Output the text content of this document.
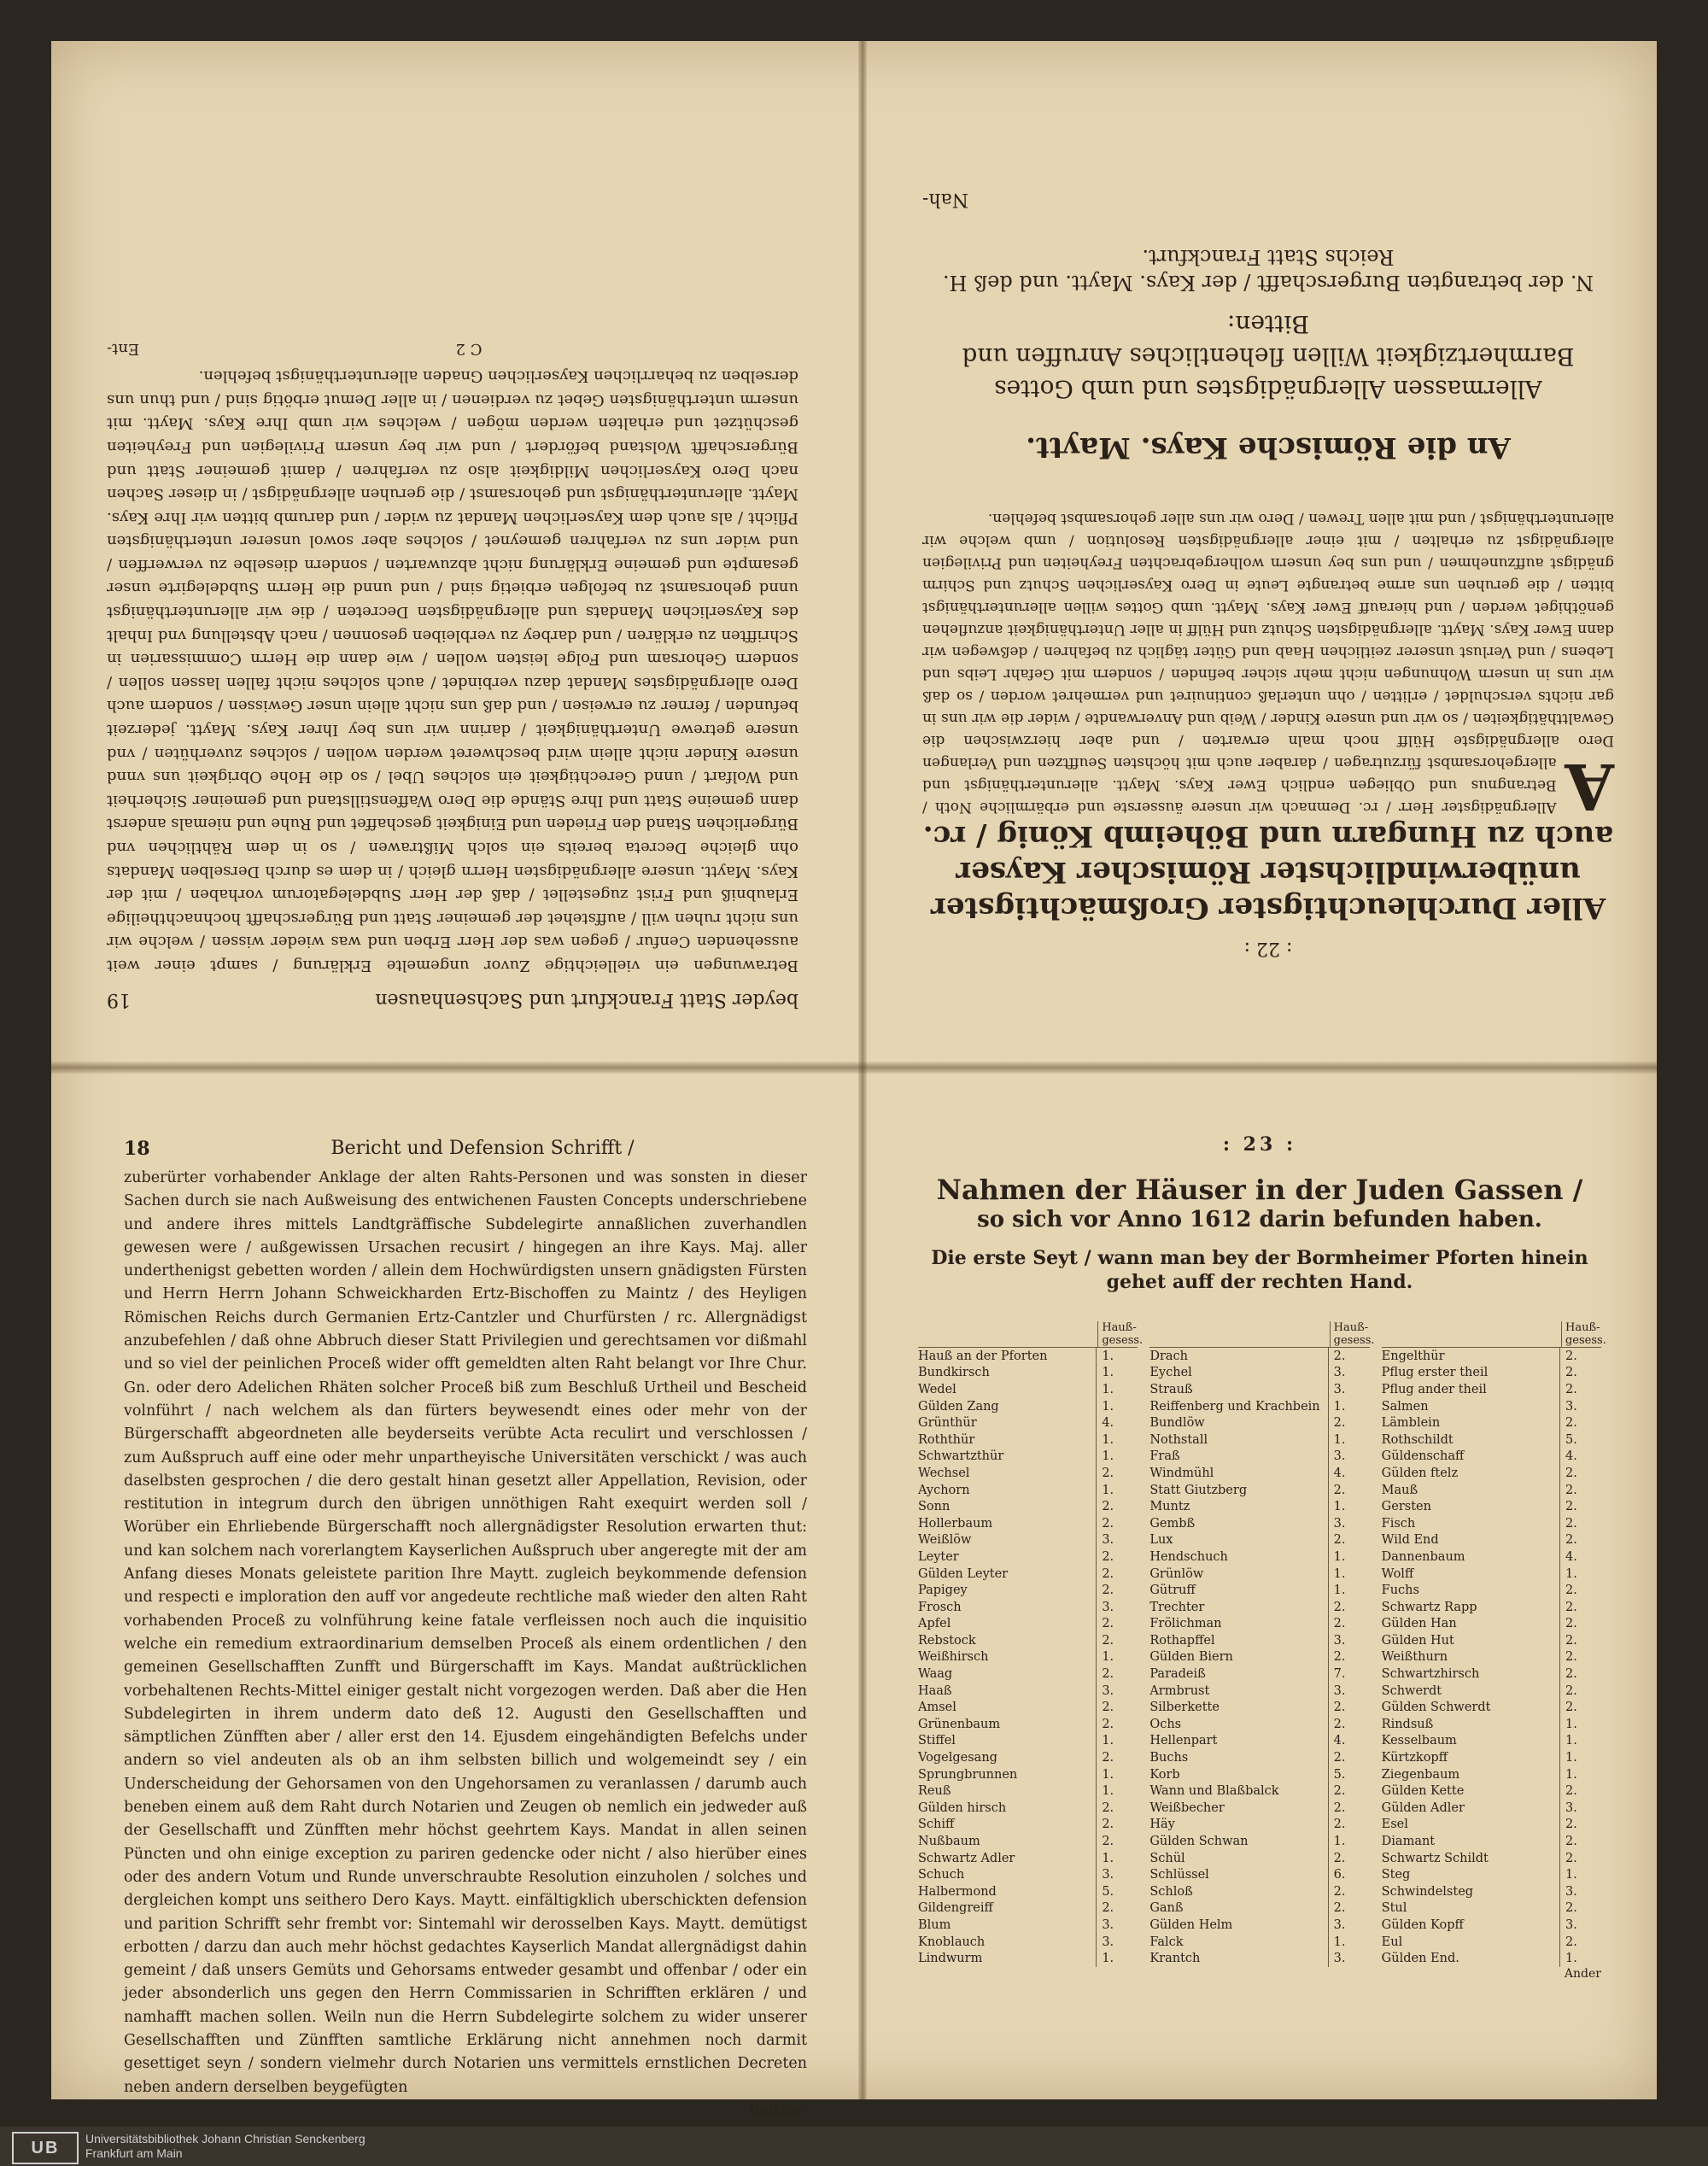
beyder Statt Franckfurt und Sachsenhausen
19
Betrawungen ein vielleichtige Zuvor ungemelte Erklärung / sampt einer weit aussehenden Cenfur / gegen was der Herr Erben und was wieder wissen / welche wir uns nicht ruhen will / auffstehet der gemeiner Statt und Bürgerschafft hochnachtheilige Erlaubniß und Frist zugestellet / daß der Herr Subdelegatorum vorhaben / mit der Kays. Maytt. unsere allergnädigsten Herrn gleich / in dem es durch Derselben Mandats ohn gleiche Decreta bereits ein solch Mißtrawen / so in dem Rähtlichen vnd Bürgerlichen Stand den Frieden und Einigkeit geschaffet und Ruhe und niemals anderst dann gemeine Statt und Ihre Stände die Dero Waffenstillstand und gemeiner Sicherheit und Wolfart / unnd Gerechtigkeit ein solches Ubel / so die Hohe Obrigkeit uns vnnd unsere Kinder nicht allein wird beschweret werden wollen / solches zuverhüten / vnd unsere getrewe Unterthänigkeit / darinn wir uns bey Ihrer Kays. Maytt. jederzeit befunden / ferner zu erweisen / und daß uns nicht allein unser Gewissen / sondern auch Dero allergnädigstes Mandat dazu verbindet / auch solches nicht fallen lassen sollen / sondern Gehorsam und Folge leisten wollen / wie dann die Herrn Commissarien in Schrifften zu erklären / und darbey zu verbleiben gesonnen / nach Abstellung vnd Inhalt des Kayserlichen Mandats und allergnädigsten Decreten / die wir allerunterthänigst unnd gehorsamst zu befolgen erbietig sind / und unnd die Herrn Subdelegirte unser gesampte und gemeine Erklärung nicht abzuwarten / sondern dieselbe zu verwerffen / und wider uns zu verfahren gemeynet / solches aber sowol unserer unterthänigsten Pflicht / als auch dem Kayserlichen Mandat zu wider / und darumb bitten wir Ihre Kays. Maytt. allerunterthänigst und gehorsamst / die geruhen allergnädigst / in dieser Sachen nach Dero Kayserlichen Mildigkeit also zu verfahren / damit gemeiner Statt und Bürgerschafft Wolstand befördert / und wir bey unsern Privilegien und Freyheiten geschützet und erhalten werden mögen / welches wir umb Ihre Kays. Maytt. mit unserm unterthänigsten Gebet zu verdienen / in aller Demut erbötig sind / und thun uns derselben zu beharrlichen Kayserlichen Gnaden allerunterthänigst befehlen.
C 2
Ent-
: 22 :
Aller Durchleuchtigster Großmächtigster unüberwindlichster Römischer Kayser auch zu Hungarn und Böheimb König / rc.
A
Allergnädigster Herr / rc. Demnach wir unsere äusserste und erbärmliche Noth / Betrangnus und Obliegen endlich Ewer Kays. Maytt. allerunterthänigst und allergehorsambst fürzutragen / daraber auch mit höchsten Seufftzen und Verlangen Dero allergnädigste Hülff noch maln erwarten / und aber hierzwischen die Gewaltthätigkeiten / so wir und unsere Kinder / Weib und Anverwandte / wider die wir uns in gar nichts verschuldet / erlitten / ohn unterlaß continuiret und vermehret worden / so daß wir uns in unsern Wohnungen nicht mehr sicher befinden / sondern mit Gefahr Leibs und Lebens / und Verlust unserer zeitlichen Haab und Güter täglich zu befahren / deßwegen wir dann Ewer Kays. Maytt. allergnädigsten Schutz und Hülff in aller Unterthänigkeit anzuflehen genöthiget werden / und hierauff Ewer Kays. Maytt. umb Gottes willen allerunterthänigst bitten / die geruhen uns arme betrangte Leute in Dero Kayserlichen Schutz und Schirm gnädigst auffzunehmen / und uns bey unsern wolhergebrachten Freyheiten und Privilegien allergnädigst zu erhalten / mit einer allergnädigsten Resolution / umb welche wir allerunterthänigst / und mit allen Trewen / Dero wir uns aller gehorsambst befehlen.
An die Römische Kays. Maytt.
Allermassen Allergnädigstes und umb Gottes Barmhertzigkeit Willen flehentliches Anruffen und Bitten:
N. der betrangten Burgerschafft / der Kays. Maytt. und deß H. Reichs Statt Franckfurt.
Nah-
18	Bericht und Defension Schrifft /
zuberürter vorhabender Anklage der alten Rahts-Personen und was sonsten in dieser Sachen durch sie nach Außweisung des entwichenen Fausten Concepts underschriebene und andere ihres mittels Landtgräffische Subdelegirte annaßlichen zuverhandlen gewesen were / außgewissen Ursachen recusirt / hingegen an ihre Kays. Maj. aller underthenigst gebetten worden / allein dem Hochwürdigsten unsern gnädigsten Fürsten und Herrn Herrn Johann Schweickharden Ertz-Bischoffen zu Maintz / des Heyligen Römischen Reichs durch Germanien Ertz-Cantzler und Churfürsten / rc. Allergnädigst anzubefehlen / daß ohne Abbruch dieser Statt Privilegien und gerechtsamen vor dißmahl und so viel der peinlichen Proceß wider offt gemeldten alten Raht belangt vor Ihre Chur. Gn. oder dero Adelichen Rhäten solcher Proceß biß zum Beschluß Urtheil und Bescheid volnführt / nach welchem als dan fürters beywesendt eines oder mehr von der Bürgerschafft abgeordneten alle beyderseits verübte Acta reculirt und verschlossen / zum Außspruch auff eine oder mehr unpartheyische Universitäten verschickt / was auch daselbsten gesprochen / die dero gestalt hinan gesetzt aller Appellation, Revision, oder restitution in integrum durch den übrigen unnöthigen Raht exequirt werden soll / Worüber ein Ehrliebende Bürgerschafft noch allergnädigster Resolution erwarten thut: und kan solchem nach vorerlangtem Kayserlichen Außspruch uber angeregte mit der am Anfang dieses Monats geleistete parition Ihre Maytt. zugleich beykommende defension und respecti e imploration den auff vor angedeute rechtliche maß wieder den alten Raht vorhabenden Proceß zu volnführung keine fatale verfleissen noch auch die inquisitio welche ein remedium extraordinarium demselben Proceß als einem ordentlichen / den gemeinen Gesellschafften Zunfft und Bürgerschafft im Kays. Mandat außtrücklichen vorbehaltenen Rechts-Mittel einiger gestalt nicht vorgezogen werden. Daß aber die Hen Subdelegirten in ihrem underm dato deß 12. Augusti den Gesellschafften und sämptlichen Zünfften aber / aller erst den 14. Ejusdem eingehändigten Befelchs under andern so viel andeuten als ob an ihm selbsten billich und wolgemeindt sey / ein Underscheidung der Gehorsamen von den Ungehorsamen zu veranlassen / darumb auch beneben einem auß dem Raht durch Notarien und Zeugen ob nemlich ein jedweder auß der Gesellschafft und Zünfften mehr höchst geehrtem Kays. Mandat in allen seinen Püncten und ohn einige exception zu pariren gedencke oder nicht / also hierüber eines oder des andern Votum und Runde unverschraubte Resolution einzuholen / solches und dergleichen kompt uns seithero Dero Kays. Maytt. einfältigklich uberschickten defension und parition Schrifft sehr frembt vor: Sintemahl wir derosselben Kays. Maytt. demütigst erbotten / darzu dan auch mehr höchst gedachtes Kayserlich Mandat allergnädigst dahin gemeint / daß unsers Gemüts und Gehorsams entweder gesambt und offenbar / oder ein jeder absonderlich uns gegen den Herrn Commissarien in Schrifften erklären / und namhafft machen sollen. Weiln nun die Herrn Subdelegirte solchem zu wider unserer Gesellschafften und Zünfften samtliche Erklärung nicht annehmen noch darmit gesettiget seyn / sondern vielmehr durch Notarien uns vermittels ernstlichen Decreten neben andern derselben beygefügten
Betraw-
: 23 :
Nahmen der Häuser in der Juden Gassen /
so sich vor Anno 1612 darin befunden haben.
Die erste Seyt / wann man bey der Bormheimer Pforten hinein gehet auff der rechten Hand.
Hauß-gesess.
Hauß an der Pforten	1.
Bundkirsch	1.
Wedel	1.
Gülden Zang	1.
Grünthür	4.
Roththür	1.
Schwartzthür	1.
Wechsel	2.
Aychorn	1.
Sonn	2.
Hollerbaum	2.
Weißlöw	3.
Leyter	2.
Gülden Leyter	2.
Papigey	2.
Frosch	3.
Apfel	2.
Rebstock	2.
Weißhirsch	1.
Waag	2.
Haaß	3.
Amsel	2.
Grünenbaum	2.
Stiffel	1.
Vogelgesang	2.
Sprungbrunnen	1.
Reuß	1.
Gülden hirsch	2.
Schiff	2.
Nußbaum	2.
Schwartz Adler	1.
Schuch	3.
Halbermond	5.
Gildengreiff	2.
Blum	3.
Knoblauch	3.
Lindwurm	1.
Hauß-gesess.
Drach	2.
Eychel	3.
Strauß	3.
Reiffenberg und Krachbein	1.
Bundlöw	2.
Nothstall	1.
Fraß	3.
Windmühl	4.
Statt Giutzberg	2.
Muntz	1.
Gembß	3.
Lux	2.
Hendschuch	1.
Grünlöw	1.
Gütruff	1.
Trechter	2.
Frölichman	2.
Rothapffel	3.
Gülden Biern	2.
Paradeiß	7.
Armbrust	3.
Silberkette	2.
Ochs	2.
Hellenpart	4.
Buchs	2.
Korb	5.
Wann und Blaßbalck	2.
Weißbecher	2.
Häy	2.
Gülden Schwan	1.
Schül	2.
Schlüssel	6.
Schloß	2.
Ganß	2.
Gülden Helm	3.
Falck	1.
Krantch	3.
Hauß-gesess.
Engelthür	2.
Pflug erster theil	2.
Pflug ander theil	2.
Salmen	3.
Lämblein	2.
Rothschildt	5.
Güldenschaff	4.
Gülden ftelz	2.
Mauß	2.
Gersten	2.
Fisch	2.
Wild End	2.
Dannenbaum	4.
Wolff	1.
Fuchs	2.
Schwartz Rapp	2.
Gülden Han	2.
Gülden Hut	2.
Weißthurn	2.
Schwartzhirsch	2.
Schwerdt	2.
Gülden Schwerdt	2.
Rindsuß	1.
Kesselbaum	1.
Kürtzkopff	1.
Ziegenbaum	1.
Gülden Kette	2.
Gülden Adler	3.
Esel	2.
Diamant	2.
Schwartz Schildt	2.
Steg	1.
Schwindelsteg	3.
Stul	2.
Gülden Kopff	3.
Eul	2.
Gülden End.	1.
Ander
UB	Universitätsbibliothek Johann Christian Senckenberg
Frankfurt am Main
